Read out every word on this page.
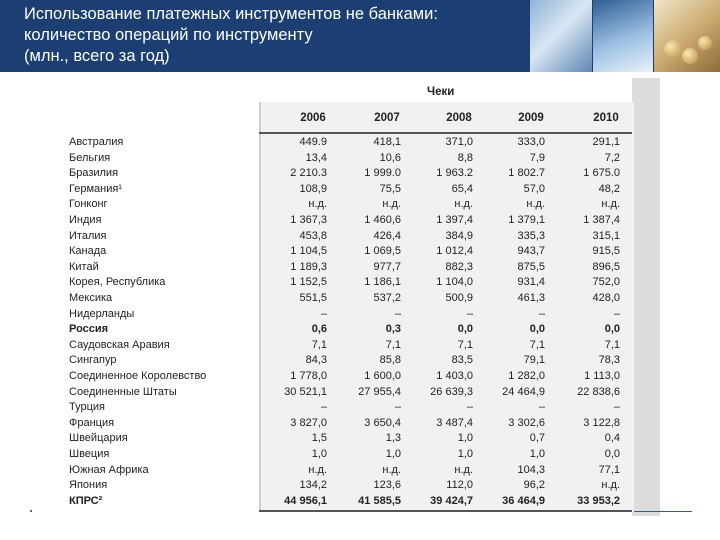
Использование платежных инструментов не банками:
количество операций по инструменту
(млн., всего за год)
Чеки
2006	2007	2008	2009	2010
Австралия	449.9	418,1	371,0	333,0	291,1
Бельгия	13,4	10,6	8,8	7,9	7,2
Бразилия	2 210.3	1 999.0	1 963.2	1 802.7	1 675.0
Германия¹	108,9	75,5	65,4	57,0	48,2
Гонконг	н.д.	н.д.	н.д.	н.д.	н.д.
Индия	1 367,3	1 460,6	1 397,4	1 379,1	1 387,4
Италия	453,8	426,4	384,9	335,3	315,1
Канада	1 104,5	1 069,5	1 012,4	943,7	915,5
Китай	1 189,3	977,7	882,3	875,5	896,5
Корея, Республика	1 152,5	1 186,1	1 104,0	931,4	752,0
Мексика	551,5	537,2	500,9	461,3	428,0
Нидерланды	–	–	–	–	–
Россия	0,6	0,3	0,0	0,0	0,0
Саудовская Аравия	7,1	7,1	7,1	7,1	7,1
Сингапур	84,3	85,8	83,5	79,1	78,3
Соединенное Королевство	1 778,0	1 600,0	1 403,0	1 282,0	1 113,0
Соединенные Штаты	30 521,1	27 955,4	26 639,3	24 464,9	22 838,6
Турция	–	–	–	–	–
Франция	3 827,0	3 650,4	3 487,4	3 302,6	3 122,8
Швейцария	1,5	1,3	1,0	0,7	0,4
Швеция	1,0	1,0	1,0	1,0	0,0
Южная Африка	н.д.	н.д.	н.д.	104,3	77,1
Япония	134,2	123,6	112,0	96,2	н.д.
КПРС²	44 956,1	41 585,5	39 424,7	36 464,9	33 953,2
